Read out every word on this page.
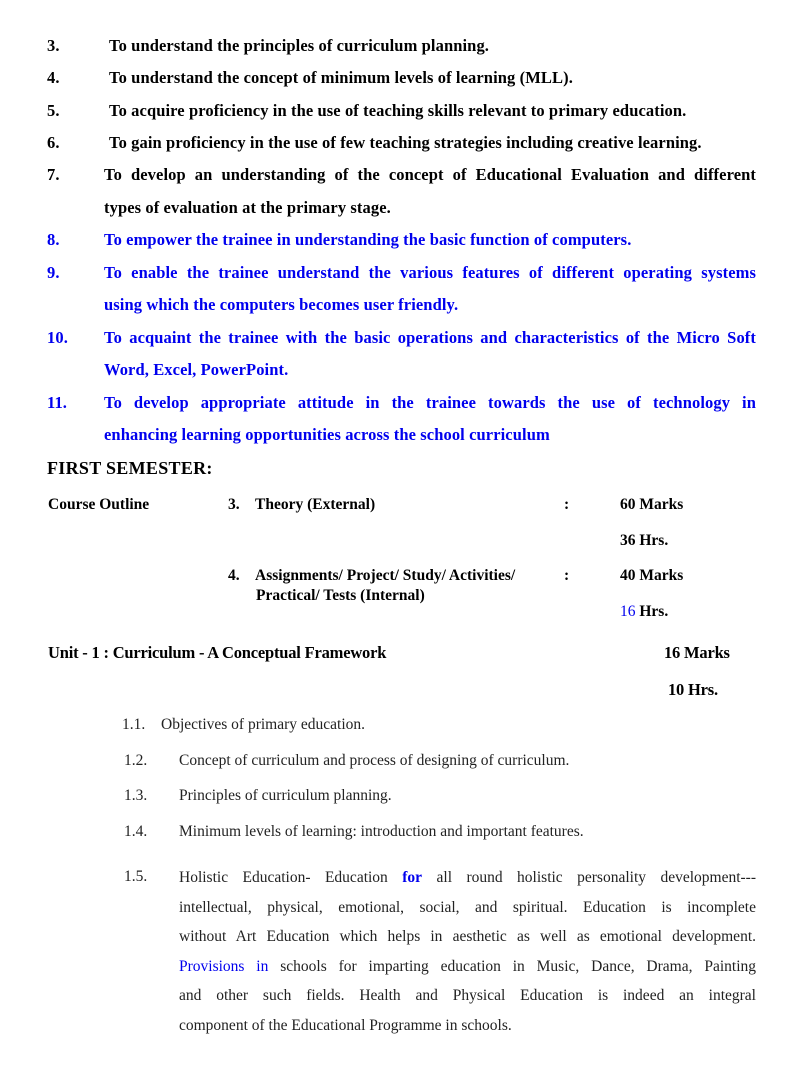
3.	To understand the principles of curriculum planning.
4.	To understand the concept of minimum levels of learning (MLL).
5.	To acquire proficiency in the use of teaching skills relevant to primary education.
6.	To gain proficiency in the use of few teaching strategies including creative learning.
7.	To develop an understanding of the concept of Educational Evaluation and different
types of evaluation at the primary stage.
8.	To empower the trainee in understanding the basic function of computers.
9.	To enable the trainee understand the various features of different operating systems
using which the computers becomes user friendly.
10. To acquaint the trainee with the basic operations and characteristics of the Micro Soft
Word, Excel, PowerPoint.
11. To develop appropriate attitude in the trainee towards the use of technology in
enhancing learning opportunities across the school curriculum
FIRST SEMESTER:
Course Outline	3. Theory (External)	:	60 Marks
36 Hrs.
4. Assignments/ Project/ Study/ Activities/
Practical/ Tests (Internal)
:	40 Marks
16 Hrs.
Unit - 1 : Curriculum - A Conceptual Framework	16 Marks
10 Hrs.
1.1. Objectives of primary education.
1.2. Concept of curriculum and process of designing of curriculum.
1.3. Principles of curriculum planning.
1.4. Minimum levels of learning: introduction and important features.
1.5. Holistic Education- Education for all round holistic personality development---
intellectual, physical, emotional, social, and spiritual. Education is incomplete
without Art Education which helps in aesthetic as well as emotional development.
Provisions in schools for imparting education in Music, Dance, Drama, Painting
and other such fields. Health and Physical Education is indeed an integral
component of the Educational Programme in schools.
